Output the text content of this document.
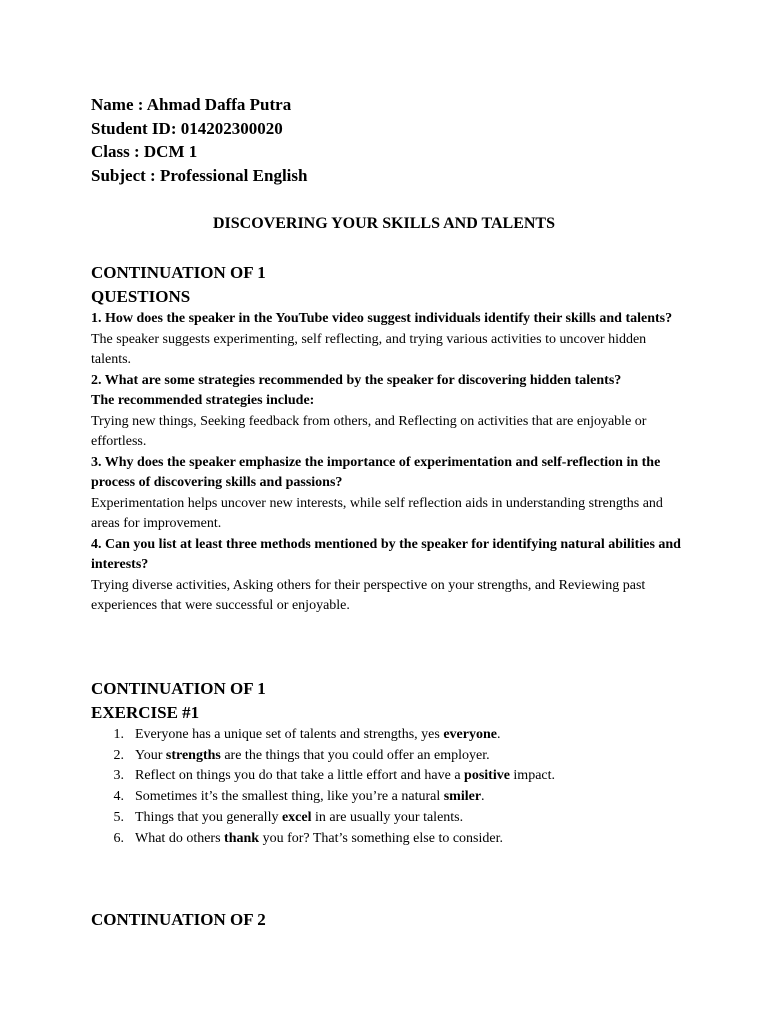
Name : Ahmad Daffa Putra
Student ID: 014202300020
Class : DCM 1
Subject : Professional English
DISCOVERING YOUR SKILLS AND TALENTS
CONTINUATION OF 1
QUESTIONS
1. How does the speaker in the YouTube video suggest individuals identify their skills and talents?
The speaker suggests experimenting, self reflecting, and trying various activities to uncover hidden talents.
2. What are some strategies recommended by the speaker for discovering hidden talents?
The recommended strategies include:
Trying new things, Seeking feedback from others, and Reflecting on activities that are enjoyable or effortless.
3. Why does the speaker emphasize the importance of experimentation and self-reflection in the process of discovering skills and passions?
Experimentation helps uncover new interests, while self reflection aids in understanding strengths and areas for improvement.
4. Can you list at least three methods mentioned by the speaker for identifying natural abilities and interests?
Trying diverse activities, Asking others for their perspective on your strengths, and Reviewing past experiences that were successful or enjoyable.
CONTINUATION OF 1
EXERCISE #1
1. Everyone has a unique set of talents and strengths, yes everyone.
2. Your strengths are the things that you could offer an employer.
3. Reflect on things you do that take a little effort and have a positive impact.
4. Sometimes it’s the smallest thing, like you’re a natural smiler.
5. Things that you generally excel in are usually your talents.
6. What do others thank you for? That’s something else to consider.
CONTINUATION OF 2
